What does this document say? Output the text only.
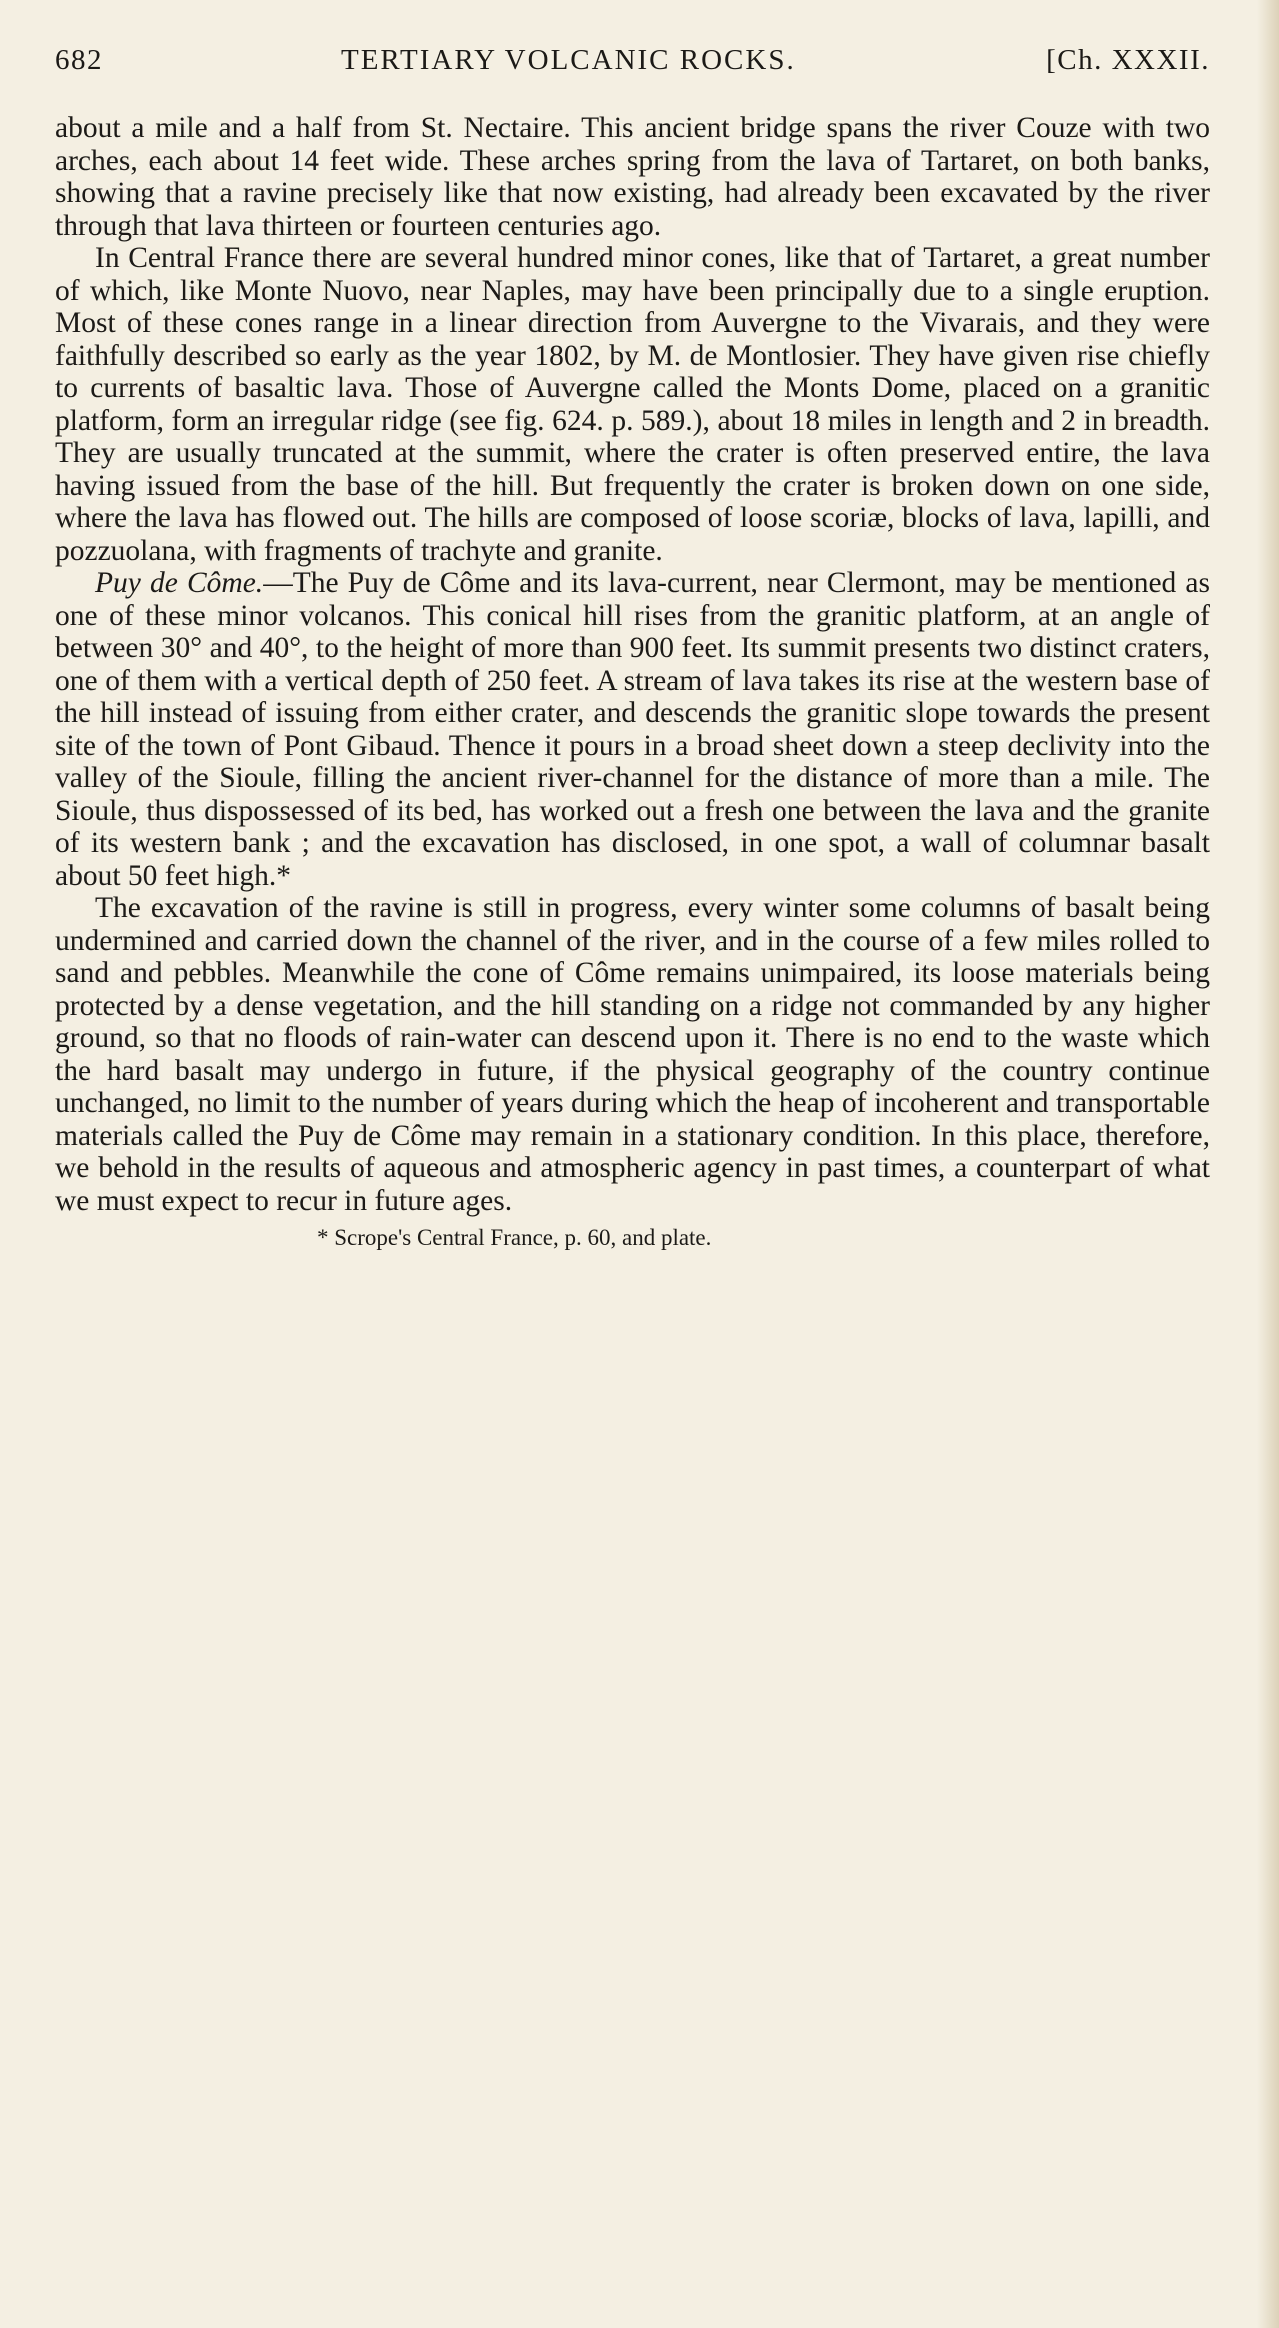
682	TERTIARY VOLCANIC ROCKS.	[Ch. XXXII.

about a mile and a half from St. Nectaire. This ancient bridge spans the river Couze with two arches, each about 14 feet wide. These arches spring from the lava of Tartaret, on both banks, showing that a ravine precisely like that now existing, had already been excavated by the river through that lava thirteen or fourteen centuries ago.

In Central France there are several hundred minor cones, like that of Tartaret, a great number of which, like Monte Nuovo, near Naples, may have been principally due to a single eruption. Most of these cones range in a linear direction from Auvergne to the Vivarais, and they were faithfully described so early as the year 1802, by M. de Montlosier. They have given rise chiefly to currents of basaltic lava. Those of Auvergne called the Monts Dome, placed on a granitic platform, form an irregular ridge (see fig. 624. p. 589.), about 18 miles in length and 2 in breadth. They are usually truncated at the summit, where the crater is often preserved entire, the lava having issued from the base of the hill. But frequently the crater is broken down on one side, where the lava has flowed out. The hills are composed of loose scoriæ, blocks of lava, lapilli, and pozzuolana, with fragments of trachyte and granite.

Puy de Côme.—The Puy de Côme and its lava-current, near Clermont, may be mentioned as one of these minor volcanos. This conical hill rises from the granitic platform, at an angle of between 30° and 40°, to the height of more than 900 feet. Its summit presents two distinct craters, one of them with a vertical depth of 250 feet. A stream of lava takes its rise at the western base of the hill instead of issuing from either crater, and descends the granitic slope towards the present site of the town of Pont Gibaud. Thence it pours in a broad sheet down a steep declivity into the valley of the Sioule, filling the ancient river-channel for the distance of more than a mile. The Sioule, thus dispossessed of its bed, has worked out a fresh one between the lava and the granite of its western bank ; and the excavation has disclosed, in one spot, a wall of columnar basalt about 50 feet high.*

The excavation of the ravine is still in progress, every winter some columns of basalt being undermined and carried down the channel of the river, and in the course of a few miles rolled to sand and pebbles. Meanwhile the cone of Côme remains unimpaired, its loose materials being protected by a dense vegetation, and the hill standing on a ridge not commanded by any higher ground, so that no floods of rain-water can descend upon it. There is no end to the waste which the hard basalt may undergo in future, if the physical geography of the country continue unchanged, no limit to the number of years during which the heap of incoherent and transportable materials called the Puy de Côme may remain in a stationary condition. In this place, therefore, we behold in the results of aqueous and atmospheric agency in past times, a counterpart of what we must expect to recur in future ages.

* Scrope's Central France, p. 60, and plate.
